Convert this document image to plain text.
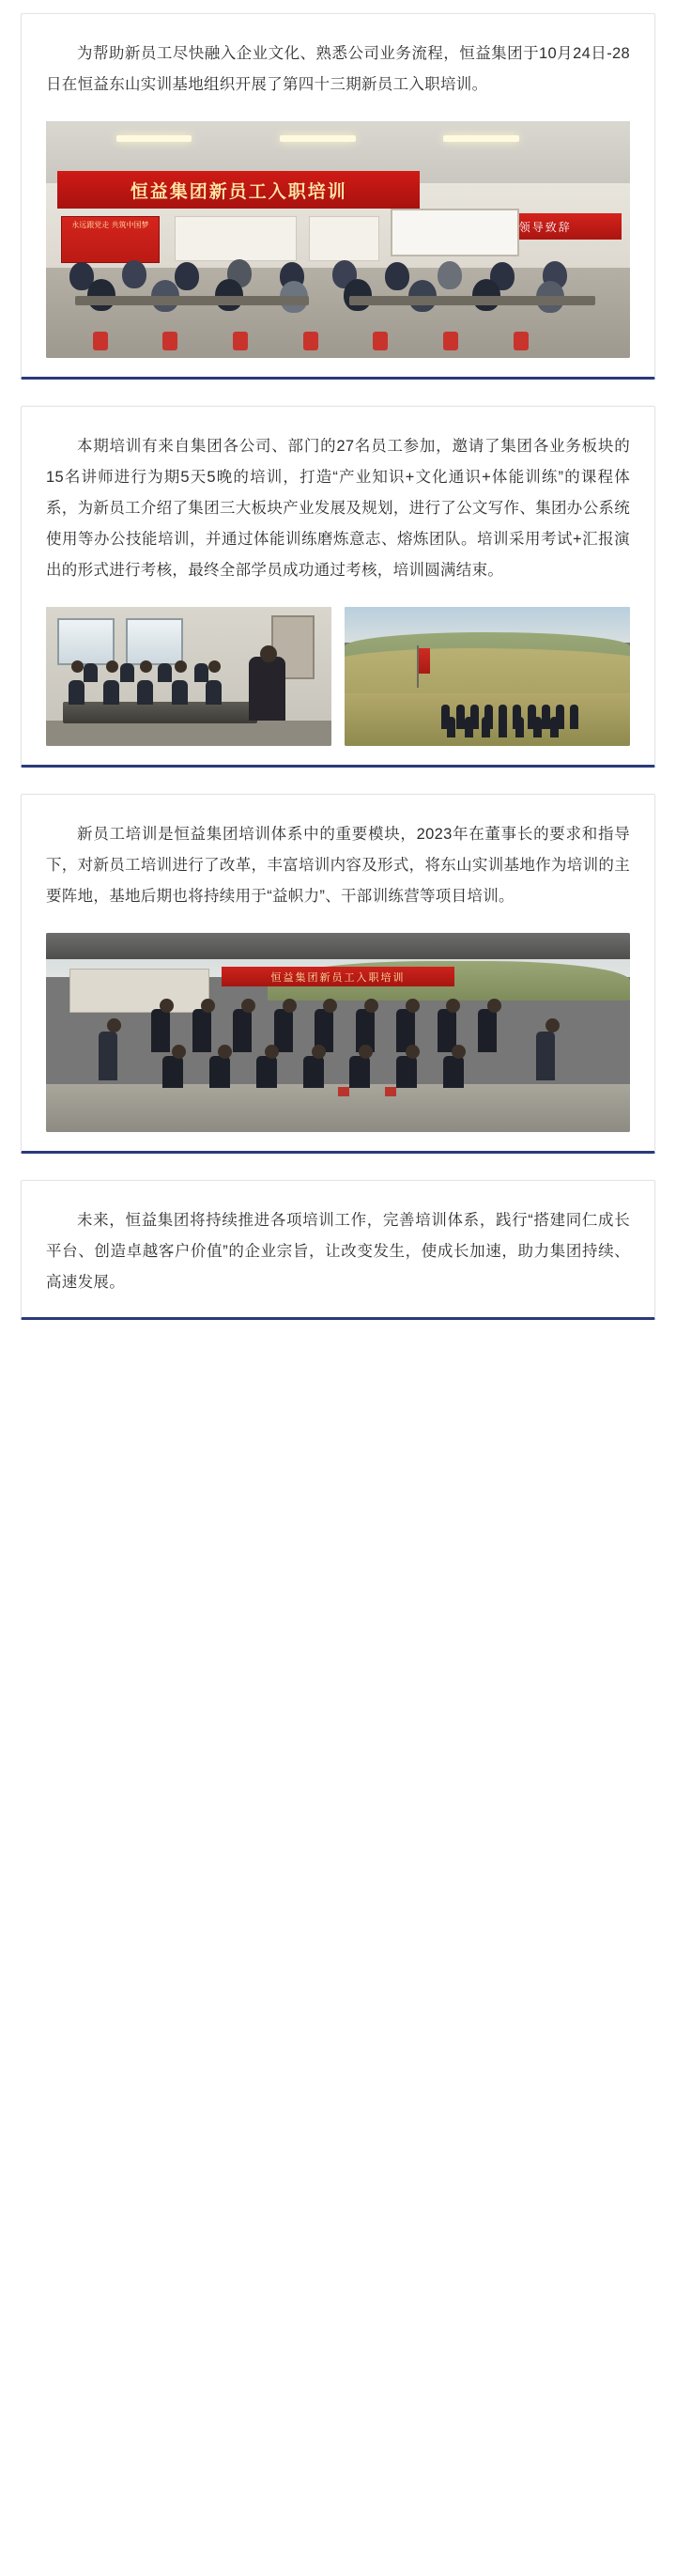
为帮助新员工尽快融入企业文化、熟悉公司业务流程，恒益集团于10月24日-28日在恒益东山实训基地组织开展了第四十三期新员工入职培训。

恒益集团新员工入职培训
领导致辞
永远跟党走 共筑中国梦

本期培训有来自集团各公司、部门的27名员工参加，邀请了集团各业务板块的15名讲师进行为期5天5晚的培训，打造“产业知识+文化通识+体能训练”的课程体系，为新员工介绍了集团三大板块产业发展及规划，进行了公文写作、集团办公系统使用等办公技能培训，并通过体能训练磨炼意志、熔炼团队。培训采用考试+汇报演出的形式进行考核，最终全部学员成功通过考核，培训圆满结束。

新员工培训是恒益集团培训体系中的重要模块，2023年在董事长的要求和指导下，对新员工培训进行了改革，丰富培训内容及形式，将东山实训基地作为培训的主要阵地，基地后期也将持续用于“益帜力”、干部训练营等项目培训。

恒益集团新员工入职培训

未来，恒益集团将持续推进各项培训工作，完善培训体系，践行“搭建同仁成长平台、创造卓越客户价值”的企业宗旨，让改变发生，使成长加速，助力集团持续、高速发展。
